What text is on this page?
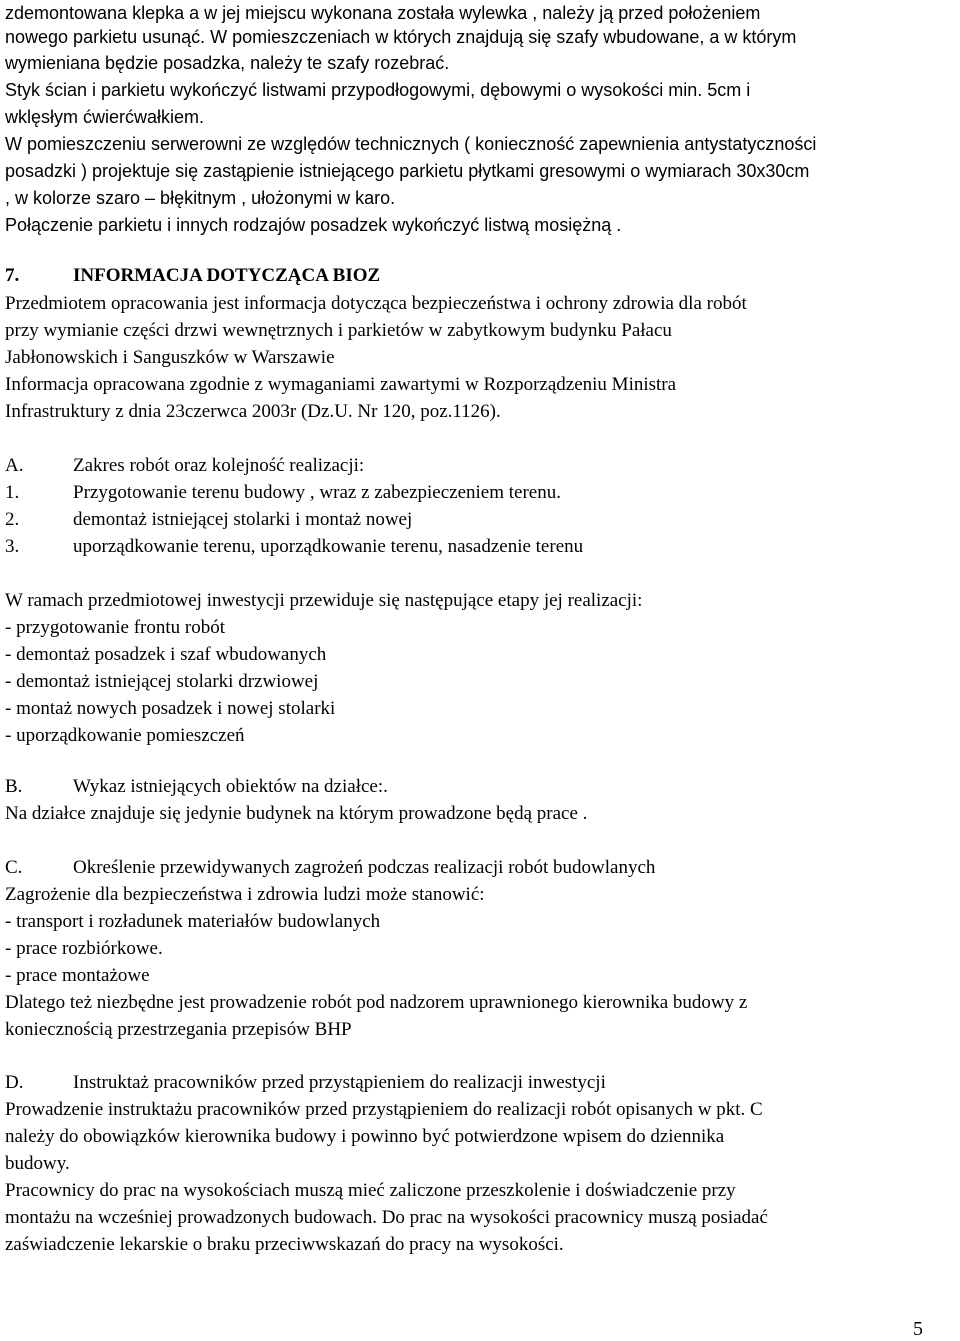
zdemontowana klepka a w jej miejscu wykonana została wylewka , należy ją przed położeniem
nowego parkietu usunąć. W pomieszczeniach w których znajdują się szafy wbudowane, a w którym
wymieniana będzie posadzka, należy te szafy rozebrać.
Styk ścian i parkietu wykończyć listwami przypodłogowymi, dębowymi o wysokości min. 5cm i
wklęsłym ćwierćwałkiem.
W pomieszczeniu serwerowni ze względów technicznych ( konieczność zapewnienia antystatyczności
posadzki ) projektuje się zastąpienie istniejącego parkietu płytkami gresowymi o wymiarach 30x30cm
, w kolorze szaro – błękitnym , ułożonymi w karo.
Połączenie parkietu i innych rodzajów posadzek wykończyć listwą mosiężną .
7.	INFORMACJA DOTYCZĄCA BIOZ
Przedmiotem opracowania jest informacja dotycząca bezpieczeństwa i ochrony zdrowia dla robót
przy wymianie części drzwi wewnętrznych i parkietów w zabytkowym budynku Pałacu
Jabłonowskich i Sanguszków w Warszawie
Informacja opracowana zgodnie z wymaganiami zawartymi w Rozporządzeniu Ministra
Infrastruktury z dnia 23czerwca 2003r (Dz.U. Nr 120, poz.1126).
A.	Zakres robót oraz kolejność realizacji:
1.	Przygotowanie terenu budowy , wraz z zabezpieczeniem terenu.
2.	demontaż istniejącej stolarki i montaż nowej
3.	uporządkowanie terenu, uporządkowanie terenu, nasadzenie terenu
W ramach przedmiotowej inwestycji przewiduje się następujące etapy jej realizacji:
- przygotowanie frontu robót
- demontaż posadzek i szaf wbudowanych
- demontaż istniejącej stolarki drzwiowej
- montaż nowych posadzek i nowej stolarki
- uporządkowanie pomieszczeń
B.	Wykaz istniejących obiektów na działce:.
Na działce znajduje się jedynie budynek na którym prowadzone będą prace .
C.	Określenie przewidywanych zagrożeń podczas realizacji robót budowlanych
Zagrożenie dla bezpieczeństwa i zdrowia ludzi może stanowić:
- transport i rozładunek materiałów budowlanych
- prace rozbiórkowe.
- prace montażowe
Dlatego też niezbędne jest prowadzenie robót pod nadzorem uprawnionego kierownika budowy z
koniecznością przestrzegania przepisów BHP
D.	Instruktaż pracowników przed przystąpieniem do realizacji inwestycji
Prowadzenie instruktażu pracowników przed przystąpieniem do realizacji robót opisanych w pkt. C
należy do obowiązków kierownika budowy i powinno być potwierdzone wpisem do dziennika
budowy.
Pracownicy do prac na wysokościach muszą mieć zaliczone przeszkolenie i doświadczenie przy
montażu na wcześniej prowadzonych budowach. Do prac na wysokości pracownicy muszą posiadać
zaświadczenie lekarskie o braku przeciwwskazań do pracy na wysokości.
5
